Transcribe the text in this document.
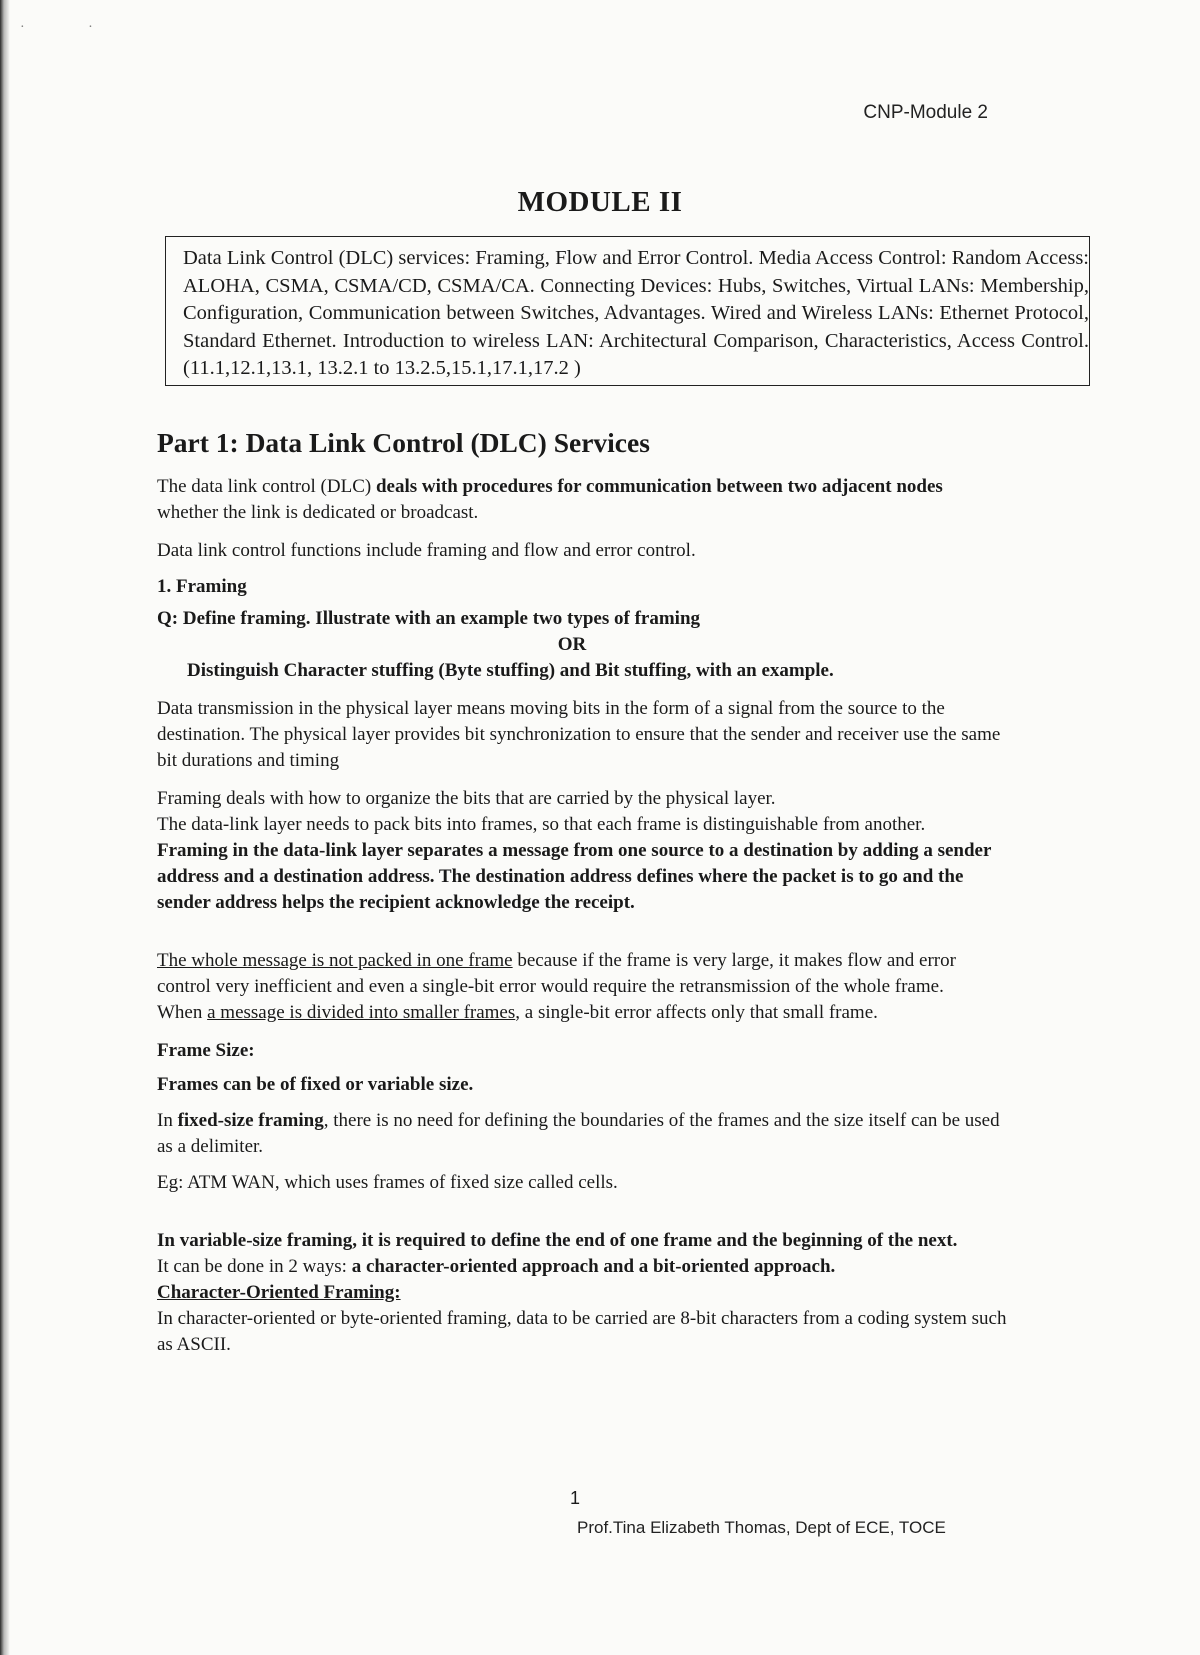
· ·
CNP-Module 2
MODULE II
Data Link Control (DLC) services: Framing, Flow and Error Control. Media Access Control: Random Access: ALOHA, CSMA, CSMA/CD, CSMA/CA. Connecting Devices: Hubs, Switches, Virtual LANs: Membership, Configuration, Communication between Switches, Advantages. Wired and Wireless LANs: Ethernet Protocol, Standard Ethernet. Introduction to wireless LAN: Architectural Comparison, Characteristics, Access Control. (11.1,12.1,13.1, 13.2.1 to 13.2.5,15.1,17.1,17.2 )
Part 1: Data Link Control (DLC) Services

The data link control (DLC) deals with procedures for communication between two adjacent nodes whether the link is dedicated or broadcast.

Data link control functions include framing and flow and error control.

1. Framing

Q: Define framing. Illustrate with an example two types of framing

OR

Distinguish Character stuffing (Byte stuffing) and Bit stuffing, with an example.

Data transmission in the physical layer means moving bits in the form of a signal from the source to the destination. The physical layer provides bit synchronization to ensure that the sender and receiver use the same bit durations and timing

Framing deals with how to organize the bits that are carried by the physical layer.

The data-link layer needs to pack bits into frames, so that each frame is distinguishable from another.

Framing in the data-link layer separates a message from one source to a destination by adding a sender address and a destination address. The destination address defines where the packet is to go and the sender address helps the recipient acknowledge the receipt.

The whole message is not packed in one frame because if the frame is very large, it makes flow and error control very inefficient and even a single-bit error would require the retransmission of the whole frame.

When a message is divided into smaller frames, a single-bit error affects only that small frame.

Frame Size:

Frames can be of fixed or variable size.

In fixed-size framing, there is no need for defining the boundaries of the frames and the size itself can be used as a delimiter.

Eg: ATM WAN, which uses frames of fixed size called cells.

In variable-size framing, it is required to define the end of one frame and the beginning of the next.

It can be done in 2 ways: a character-oriented approach and a bit-oriented approach.

Character-Oriented Framing:

In character-oriented or byte-oriented framing, data to be carried are 8-bit characters from a coding system such as ASCII.

1
Prof.Tina Elizabeth Thomas, Dept of ECE, TOCE
